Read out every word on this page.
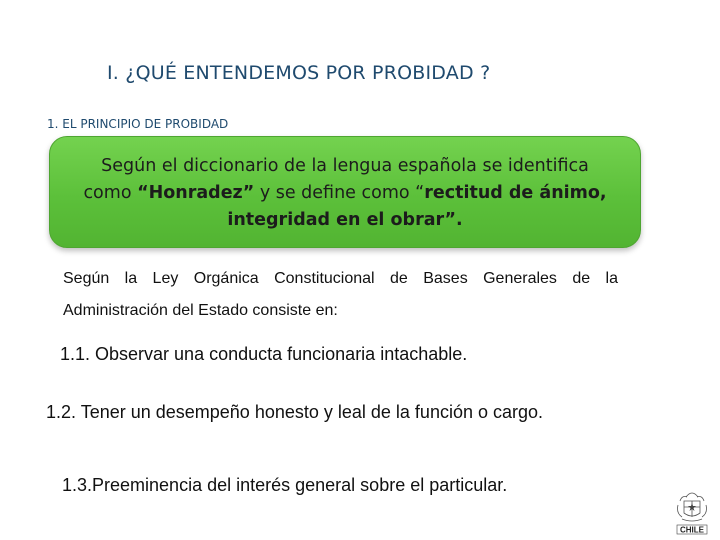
I. ¿QUÉ ENTENDEMOS POR PROBIDAD ?
1. EL PRINCIPIO DE PROBIDAD
Según el diccionario de la lengua española se identifica
como “Honradez” y se define como “rectitud de ánimo,
integridad en el obrar”.
Según la Ley Orgánica Constitucional de Bases Generales de la Administración del Estado consiste en:
1.1. Observar una conducta funcionaria intachable.
1.2. Tener un desempeño honesto y leal de la función o cargo.
1.3.Preeminencia del interés general sobre el particular.
CHILE
